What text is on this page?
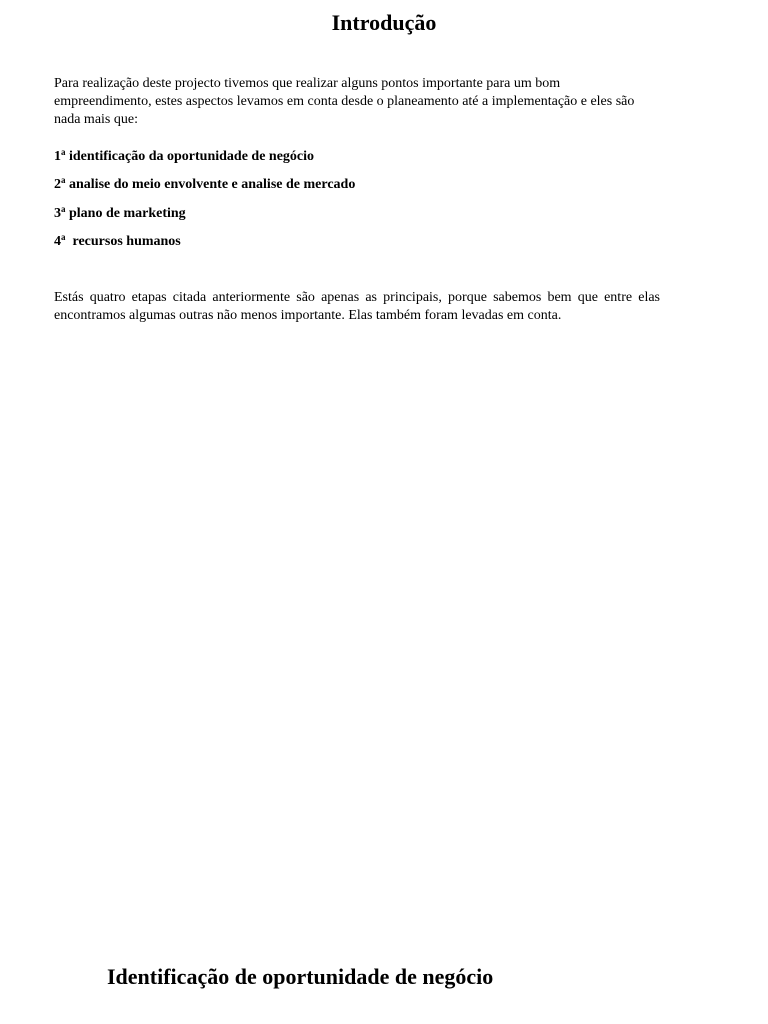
Introdução

Para realização deste projecto tivemos que realizar alguns pontos importante para um bom empreendimento, estes aspectos levamos em conta desde o planeamento até a implementação e eles são nada mais que:

1$^a$ identificação da oportunidade de negócio
2$^a$ analise do meio envolvente e analise de mercado
3$^a$ plano de marketing
4$^a$  recursos humanos

Estás quatro etapas citada anteriormente são apenas as principais, porque sabemos bem que entre elas encontramos algumas outras não menos importante. Elas também foram levadas em conta.

Identificação de oportunidade de negócio
